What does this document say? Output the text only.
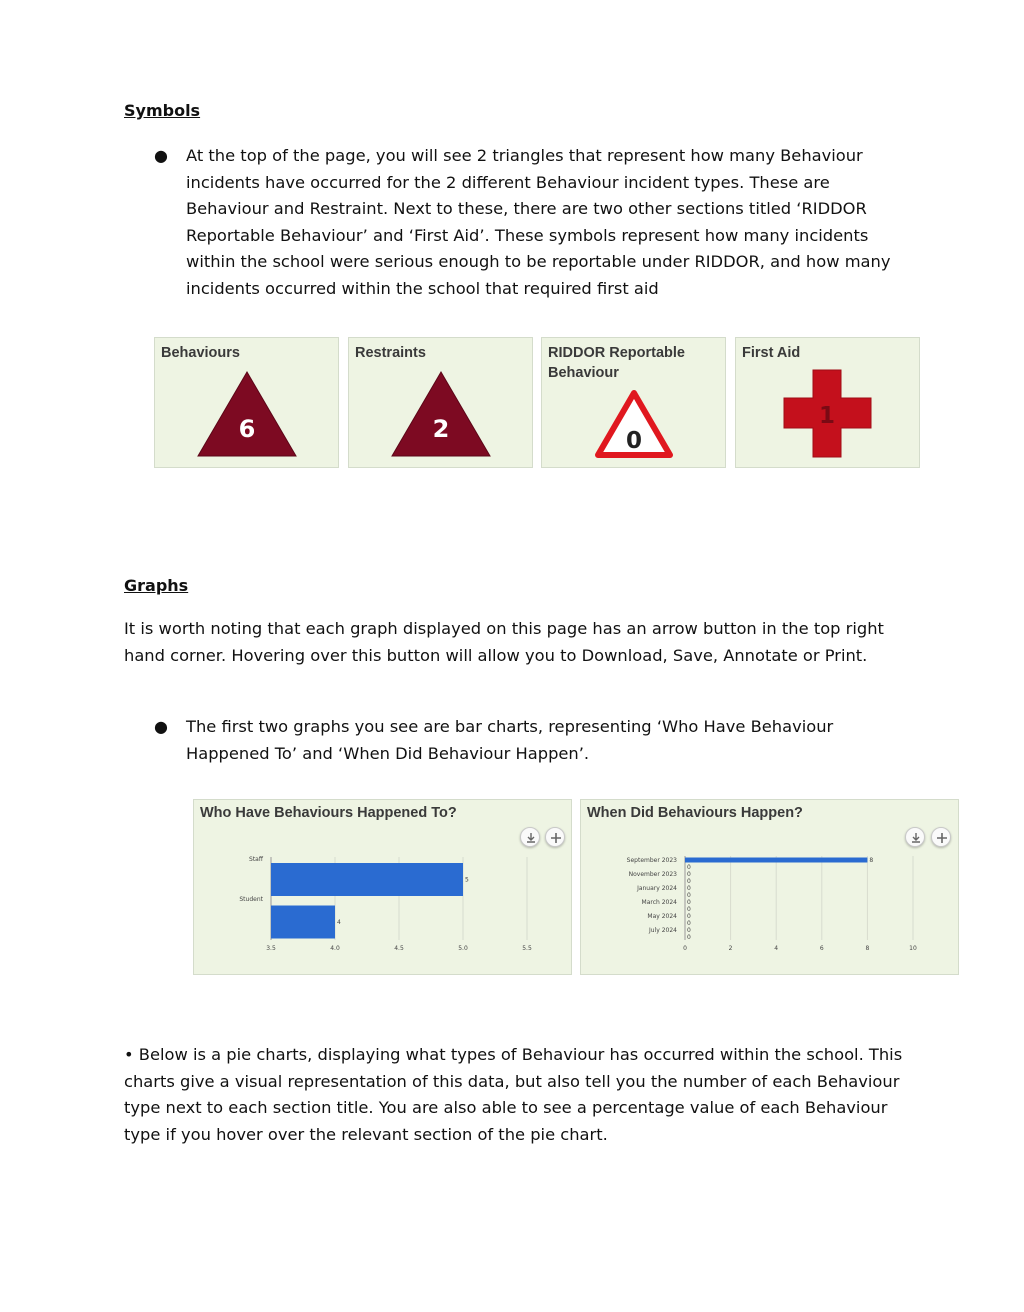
Symbols
● At the top of the page, you will see 2 triangles that represent how many Behaviour incidents have occurred for the 2 different Behaviour incident types. These are Behaviour and Restraint. Next to these, there are two other sections titled ‘RIDDOR Reportable Behaviour’ and ‘First Aid’. These symbols represent how many incidents within the school were serious enough to be reportable under RIDDOR, and how many incidents occurred within the school that required first aid
Behaviours
6
Restraints
2
RIDDOR Reportable Behaviour
0
First Aid
1
Graphs
It is worth noting that each graph displayed on this page has an arrow button in the top right hand corner. Hovering over this button will allow you to Download, Save, Annotate or Print.
● The first two graphs you see are bar charts, representing ‘Who Have Behaviour Happened To’ and ‘When Did Behaviour Happen’.
Who Have Behaviours Happened To?
3.5	4.0	4.5	5.0	5.5
Staff
5
Student
4
When Did Behaviours Happen?
0	2	4	6	8	10
September 2023	8
0
November 2023 0
0
January 2024 0
0
March 2024 0
0
May 2024 0
0
July 2024 0
0
• Below is a pie charts, displaying what types of Behaviour has occurred within the school. This charts give a visual representation of this data, but also tell you the number of each Behaviour type next to each section title. You are also able to see a percentage value of each Behaviour type if you hover over the relevant section of the pie chart.
